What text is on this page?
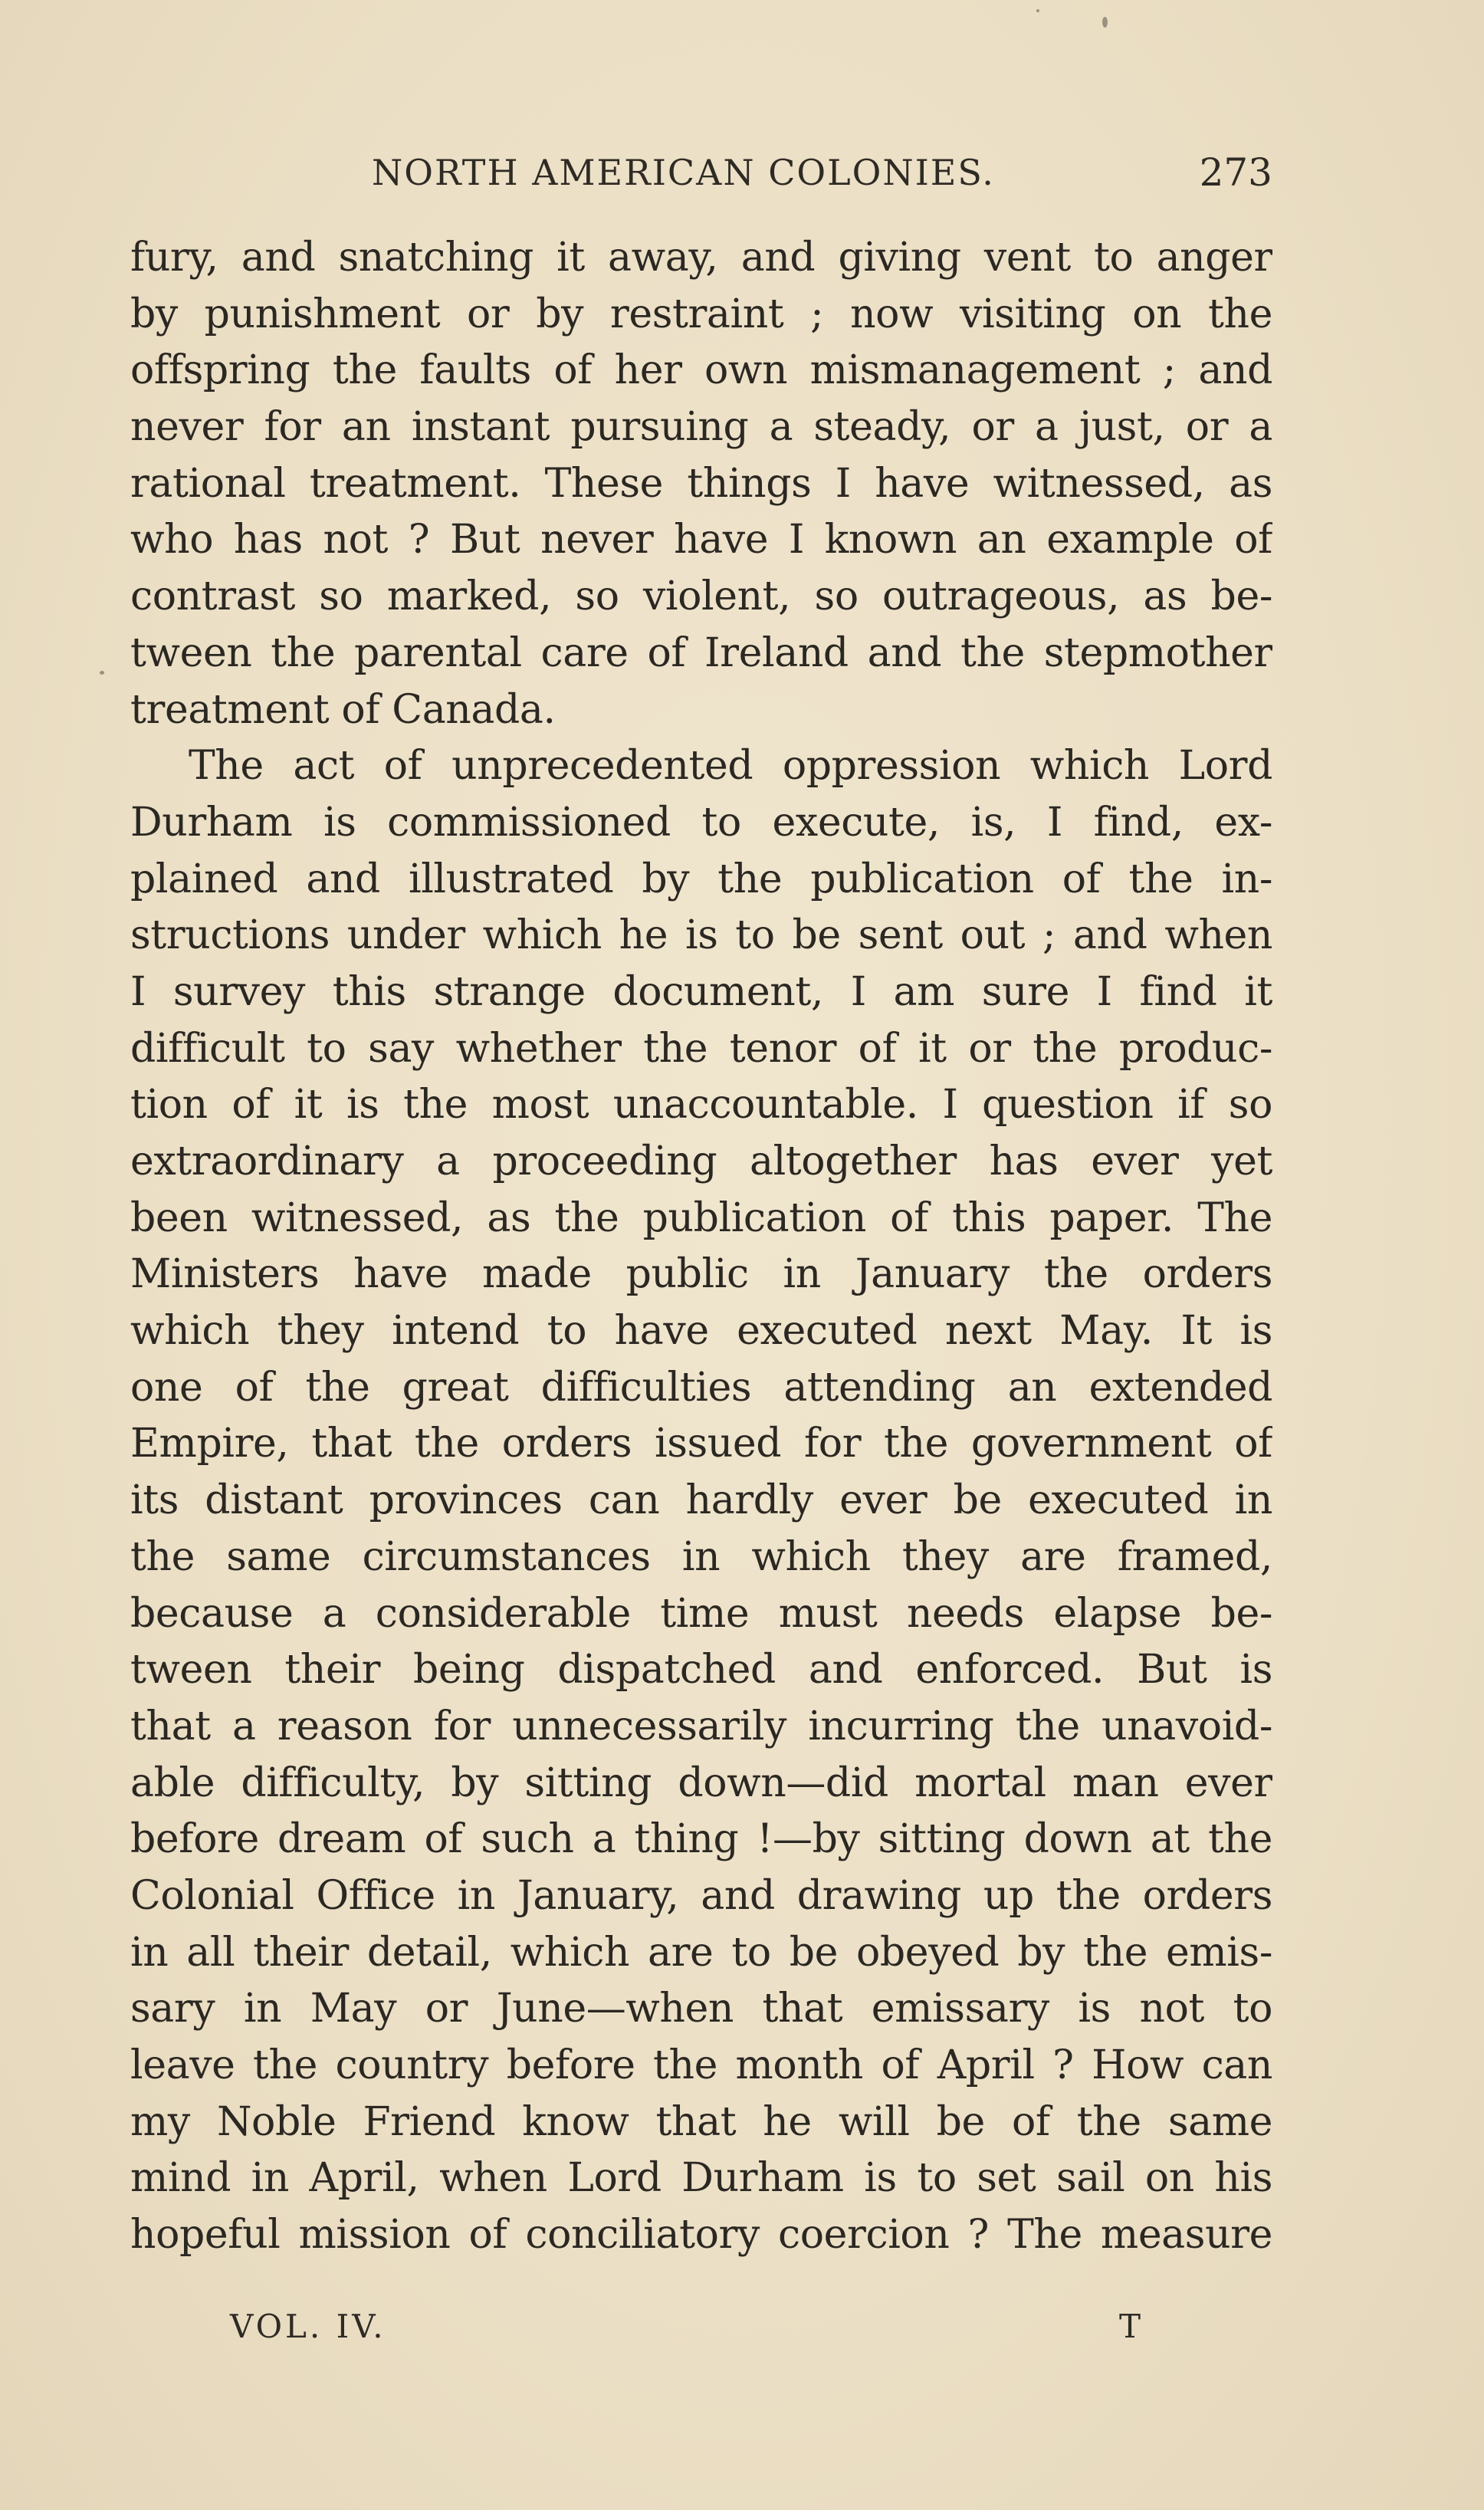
NORTH AMERICAN COLONIES.	273
fury, and snatching it away, and giving vent to anger
by punishment or by restraint ; now visiting on the
offspring the faults of her own mismanagement ; and
never for an instant pursuing a steady, or a just, or a
rational treatment. These things I have witnessed, as
who has not ? But never have I known an example of
contrast so marked, so violent, so outrageous, as be-
tween the parental care of Ireland and the stepmother
treatment of Canada.
The act of unprecedented oppression which Lord
Durham is commissioned to execute, is, I find, ex-
plained and illustrated by the publication of the in-
structions under which he is to be sent out ; and when
I survey this strange document, I am sure I find it
difficult to say whether the tenor of it or the produc-
tion of it is the most unaccountable. I question if so
extraordinary a proceeding altogether has ever yet
been witnessed, as the publication of this paper. The
Ministers have made public in January the orders
which they intend to have executed next May. It is
one of the great difficulties attending an extended
Empire, that the orders issued for the government of
its distant provinces can hardly ever be executed in
the same circumstances in which they are framed,
because a considerable time must needs elapse be-
tween their being dispatched and enforced. But is
that a reason for unnecessarily incurring the unavoid-
able difficulty, by sitting down—did mortal man ever
before dream of such a thing !—by sitting down at the
Colonial Office in January, and drawing up the orders
in all their detail, which are to be obeyed by the emis-
sary in May or June—when that emissary is not to
leave the country before the month of April ? How can
my Noble Friend know that he will be of the same
mind in April, when Lord Durham is to set sail on his
hopeful mission of conciliatory coercion ? The measure
VOL. IV.	T
